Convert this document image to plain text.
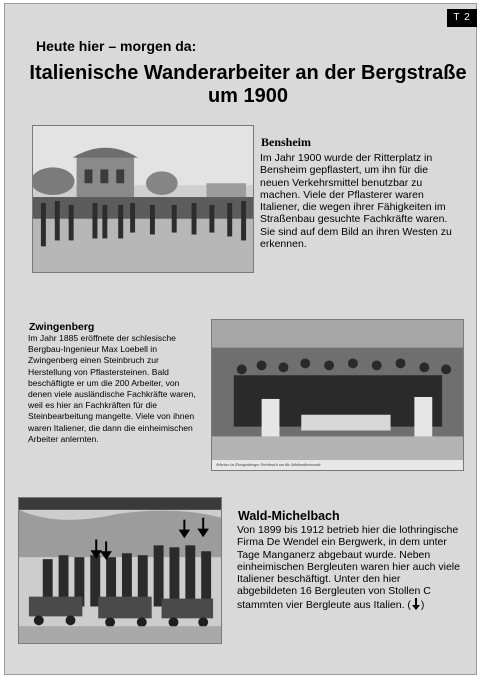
T 2
Heute hier – morgen da:
Italienische Wanderarbeiter an der Bergstraße
um 1900
Bensheim
Im Jahr 1900 wurde der Ritterplatz in Bensheim gepflastert, um ihn für die neuen Verkehrsmittel benutzbar zu machen. Viele der Pflasterer waren Italiener, die wegen ihrer Fähigkeiten im Straßenbau gesuchte Fachkräfte waren. Sie sind auf dem Bild an ihren Westen zu erkennen.
Zwingenberg
Im Jahr 1885 eröffnete der schlesische Bergbau-Ingenieur Max Loebell in Zwingenberg einen Steinbruch zur Herstellung von Pflastersteinen. Bald beschäftigte er um die 200 Arbeiter, von denen viele ausländische Fachkräfte waren, weil es hier an Fachkräften für die Steinbearbeitung mangelte. Viele von ihnen waren Italiener, die dann die einheimischen Arbeiter anlernten.
Arbeiter im Zwingenberger Steinbruch um die Jahrhundertwende
Wald-Michelbach
Von 1899 bis 1912 betrieb hier die lothringische Firma De Wendel ein Bergwerk, in dem unter Tage Manganerz abgebaut wurde. Neben einheimischen Bergleuten waren hier auch viele Italiener beschäftigt. Unter den hier abgebildeten 16 Bergleuten von Stollen C stammten vier Bergleute aus Italien. ( )
